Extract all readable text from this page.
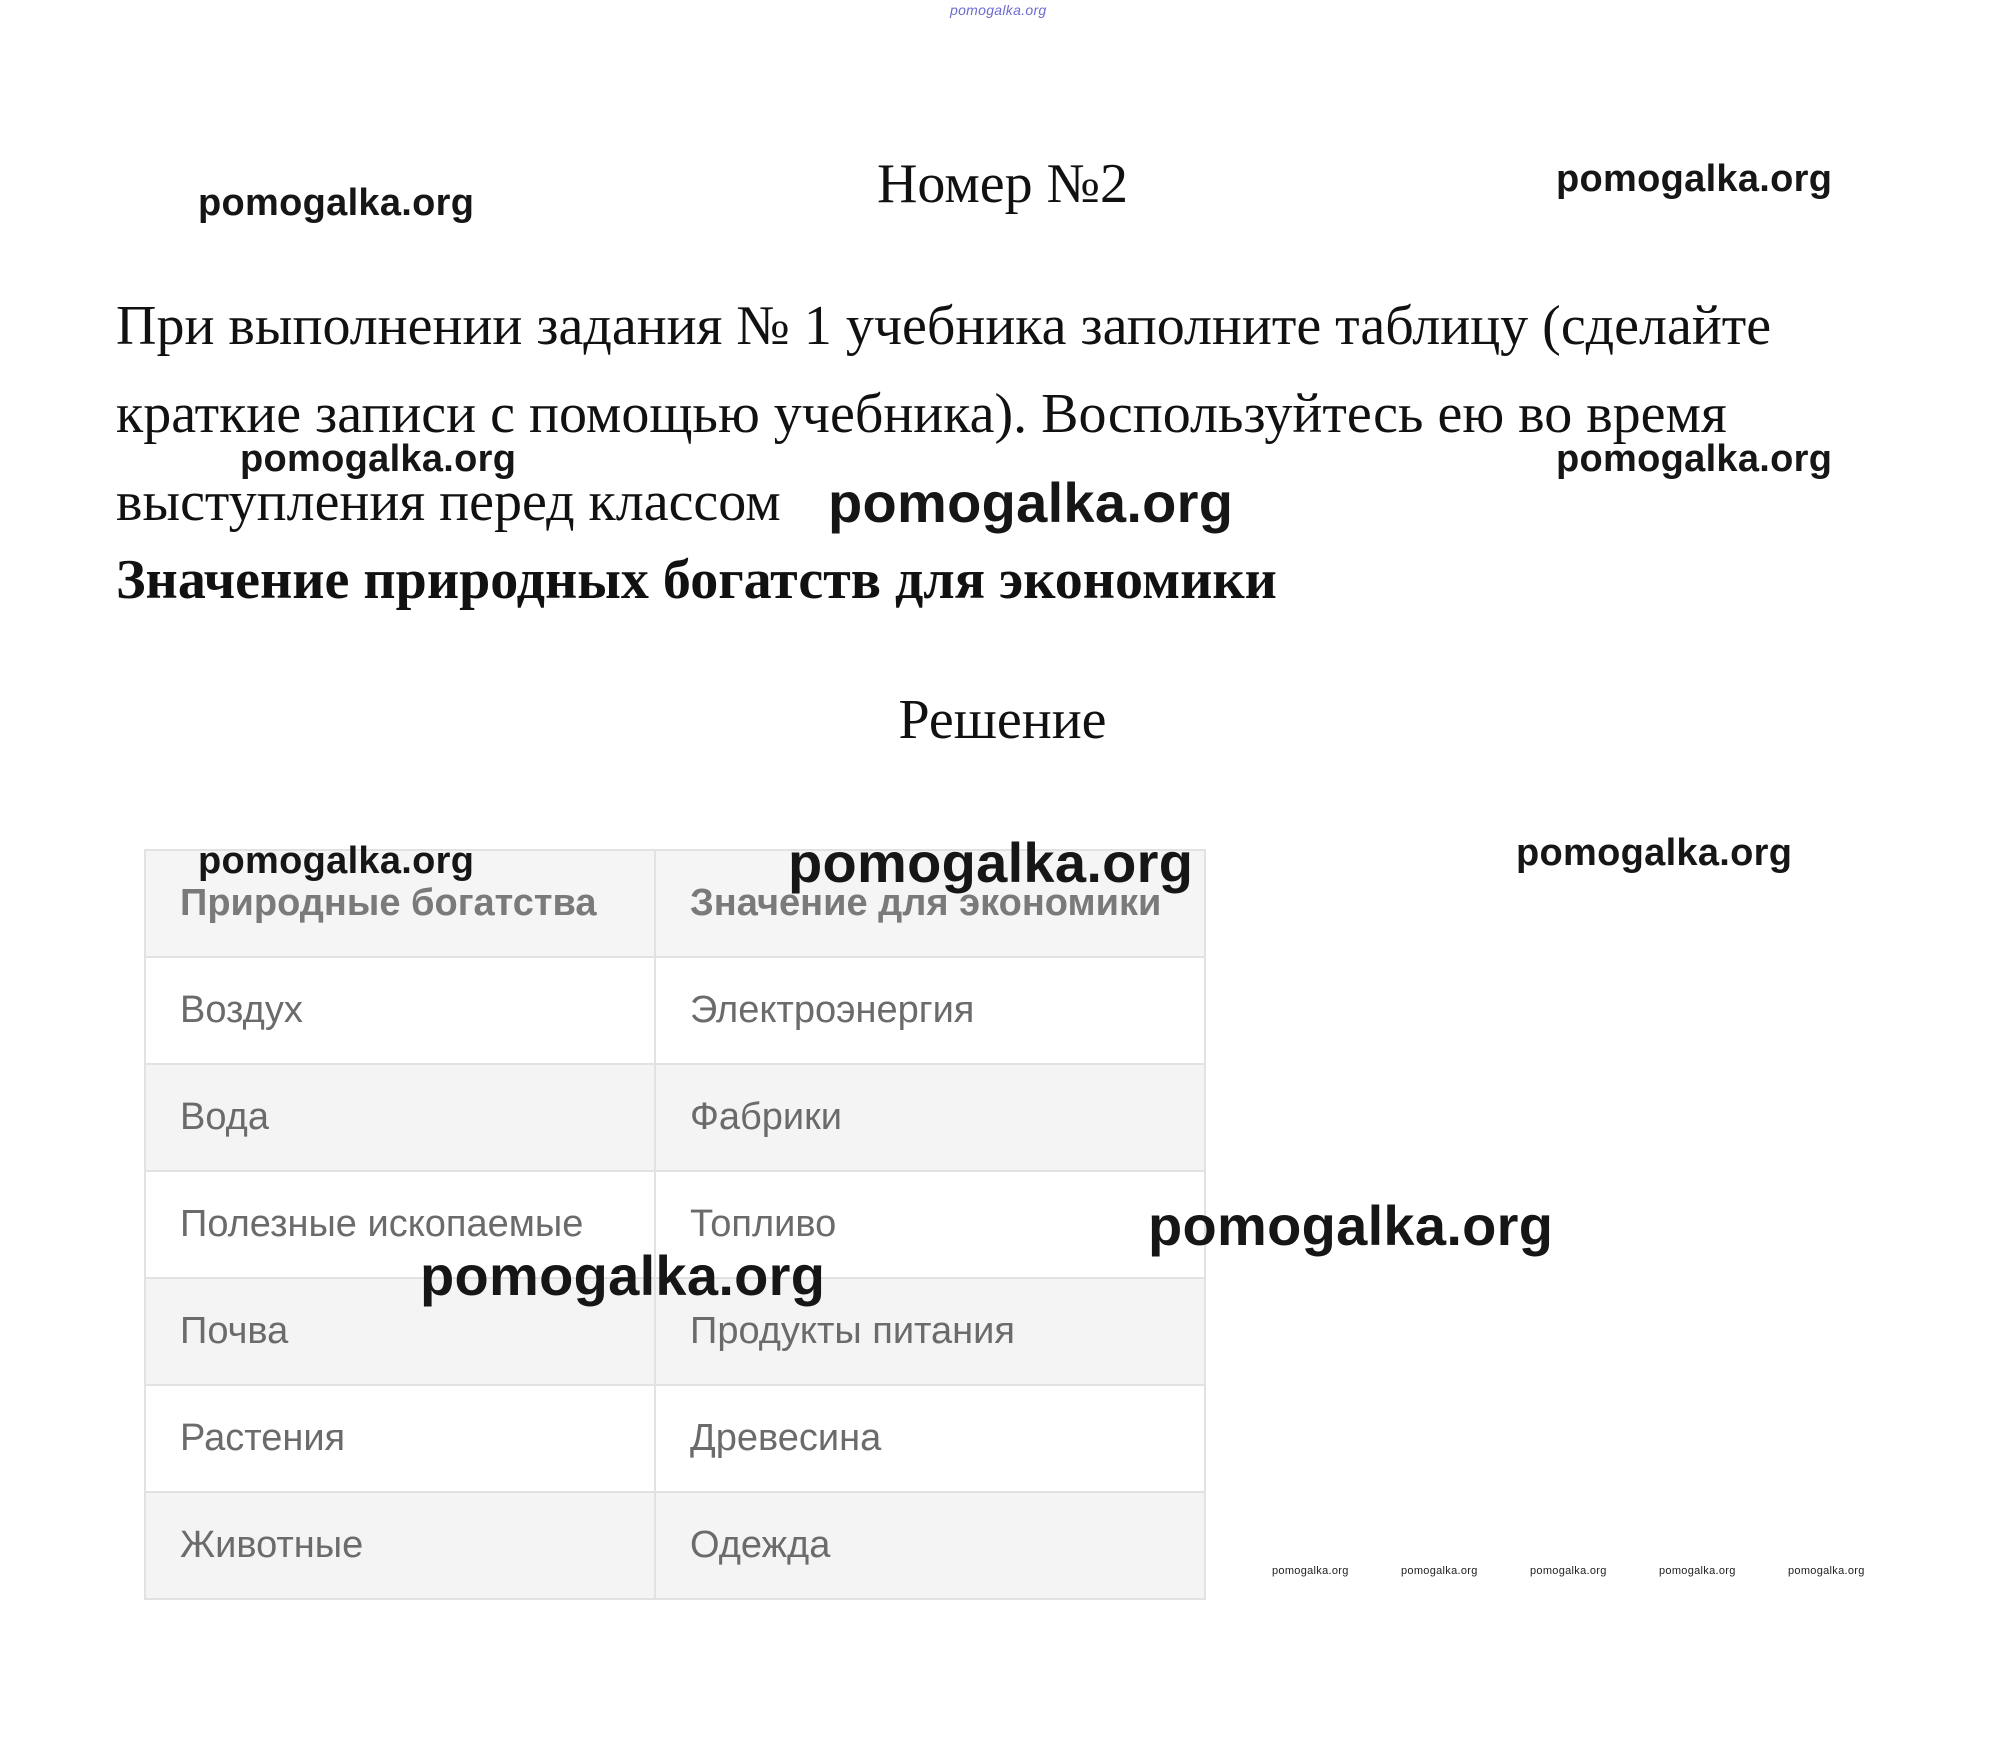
Номер №2
При выполнении задания № 1 учебника заполните таблицу (сделайте краткие записи с помощью учебника). Воспользуйтесь ею во время выступления перед классом
Значение природных богатств для экономики
Решение
Природные богатства	Значение для экономики
Воздух	Электроэнергия
Вода	Фабрики
Полезные ископаемые	Топливо
Почва	Продукты питания
Растения	Древесина
Животные	Одежда
pomogalka.org
pomogalka.org
pomogalka.org
pomogalka.org	pomogalka.org
pomogalka.org
pomogalka.org	pomogalka.org	pomogalka.org
pomogalka.org
pomogalka.org
pomogalka.org	pomogalka.org	pomogalka.org	pomogalka.org	pomogalka.org
